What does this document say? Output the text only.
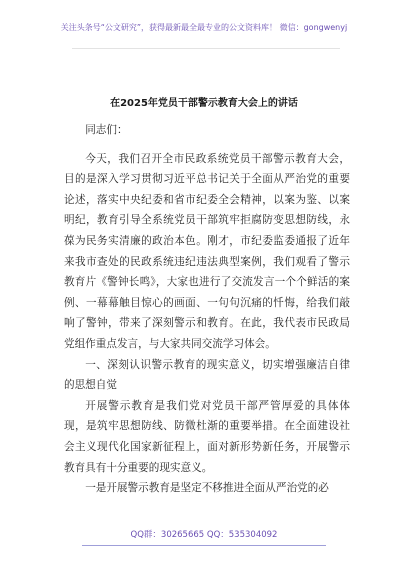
关注头条号“公文研究”，获得最新最全最专业的公文资料库！ 微信：gongwenyj
在2025年党员干部警示教育大会上的讲话

同志们：

今天，我们召开全市民政系统党员干部警示教育大会，目的是深入学习贯彻习近平总书记关于全面从严治党的重要论述，落实中央纪委和省市纪委全会精神，以案为鉴、以案明纪，教育引导全系统党员干部筑牢拒腐防变思想防线，永葆为民务实清廉的政治本色。刚才，市纪委监委通报了近年来我市查处的民政系统违纪违法典型案例，我们观看了警示教育片《警钟长鸣》，大家也进行了交流发言一个个鲜活的案例、一幕幕触目惊心的画面、一句句沉痛的忏悔，给我们敲响了警钟，带来了深刻警示和教育。在此，我代表市民政局党组作重点发言，与大家共同交流学习体会。

一、深刻认识警示教育的现实意义，切实增强廉洁自律的思想自觉

开展警示教育是我们党对党员干部严管厚爱的具体体现，是筑牢思想防线、防微杜渐的重要举措。在全面建设社会主义现代化国家新征程上，面对新形势新任务，开展警示教育具有十分重要的现实意义。

一是开展警示教育是坚定不移推进全面从严治党的必

QQ群：30265665 QQ：535304092
